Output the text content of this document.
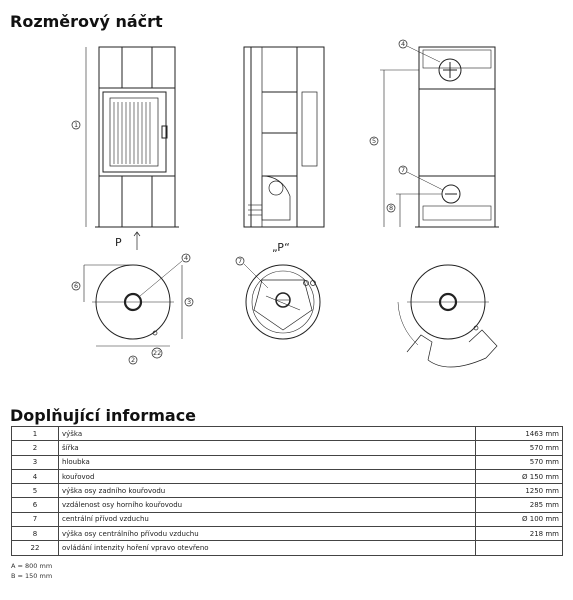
Rozměrový náčrt
P	„P“
1
2
3
4
4
5
6
7
7
8
22
Doplňující informace
1	výška	1463 mm
2	šířka	570 mm
3	hloubka	570 mm
4	kouřovod	Ø 150 mm
5	výška osy zadního kouřovodu	1250 mm
6	vzdálenost osy horního kouřovodu	285 mm
7	centrální přívod vzduchu	Ø 100 mm
8	výška osy centrálního přívodu vzduchu	218 mm
22	ovládání intenzity hoření vpravo otevřeno	
A = 800 mm
B = 150 mm
